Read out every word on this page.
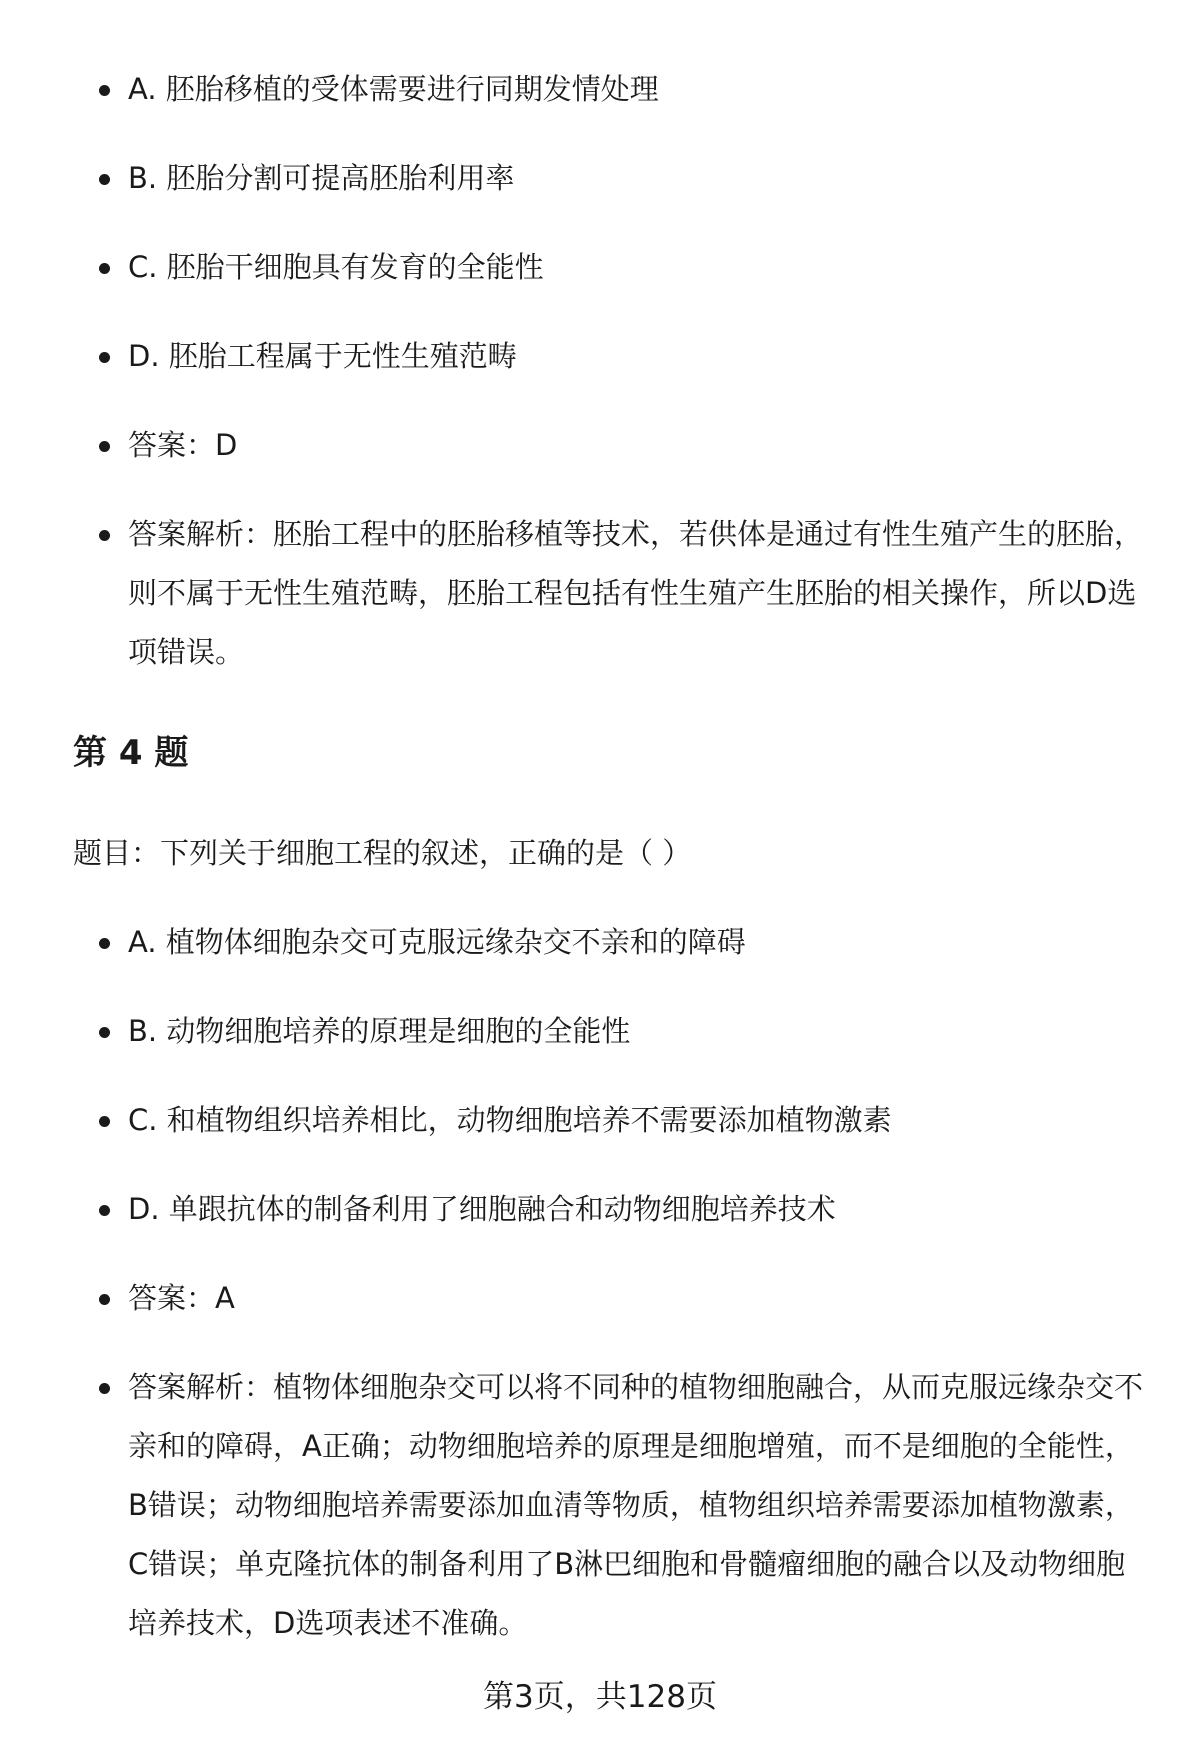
A. 胚胎移植的受体需要进行同期发情处理
B. 胚胎分割可提高胚胎利用率
C. 胚胎干细胞具有发育的全能性
D. 胚胎工程属于无性生殖范畴
答案：D
答案解析：胚胎工程中的胚胎移植等技术，若供体是通过有性生殖产生的胚胎，则不属于无性生殖范畴，胚胎工程包括有性生殖产生胚胎的相关操作，所以D选项错误。
第 4 题

题目：下列关于细胞工程的叙述，正确的是（ ）

A. 植物体细胞杂交可克服远缘杂交不亲和的障碍
B. 动物细胞培养的原理是细胞的全能性
C. 和植物组织培养相比，动物细胞培养不需要添加植物激素
D. 单跟抗体的制备利用了细胞融合和动物细胞培养技术
答案：A
答案解析：植物体细胞杂交可以将不同种的植物细胞融合，从而克服远缘杂交不亲和的障碍，A正确；动物细胞培养的原理是细胞增殖，而不是细胞的全能性，B错误；动物细胞培养需要添加血清等物质，植物组织培养需要添加植物激素，C错误；单克隆抗体的制备利用了B淋巴细胞和骨髓瘤细胞的融合以及动物细胞培养技术，D选项表述不准确。
第3页，共128页
